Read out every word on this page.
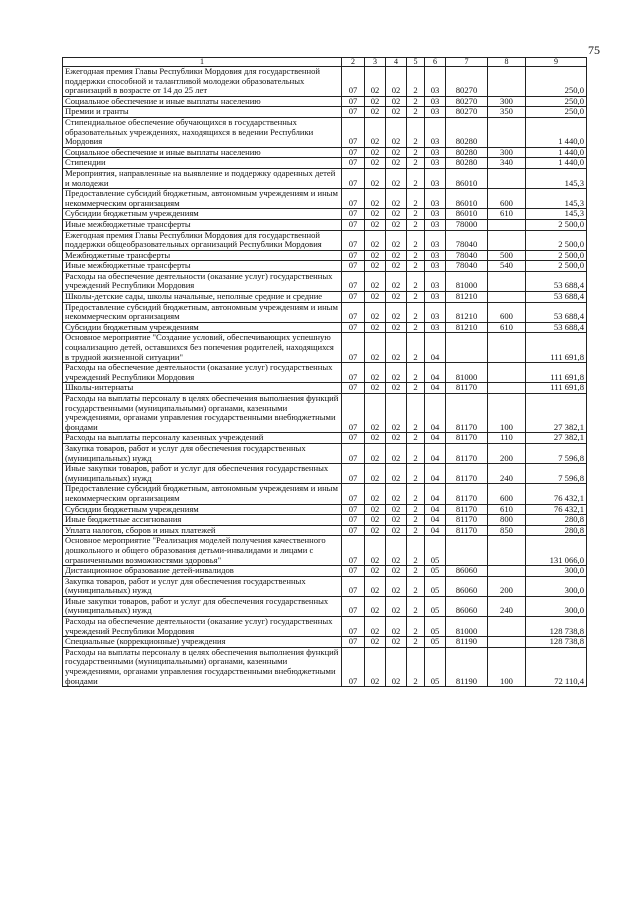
75
1	2	3	4	5	6	7	8	9
Ежегодная премия Главы Республики Мордовия для государственной поддержки способной и талантливой молодежи образовательных организаций в возрасте от 14 до 25 лет	07	02	02	2	03	80270		250,0
Социальное обеспечение и иные выплаты населению	07	02	02	2	03	80270	300	250,0
Премии и гранты	07	02	02	2	03	80270	350	250,0
Стипендиальное обеспечение обучающихся в государственных образовательных учреждениях, находящихся в ведении Республики Мордовия	07	02	02	2	03	80280		1 440,0
Социальное обеспечение и иные выплаты населению	07	02	02	2	03	80280	300	1 440,0
Стипендии	07	02	02	2	03	80280	340	1 440,0
Мероприятия, направленные на выявление и поддержку одаренных детей и молодежи	07	02	02	2	03	86010		145,3
Предоставление субсидий бюджетным, автономным учреждениям и иным некоммерческим организациям	07	02	02	2	03	86010	600	145,3
Субсидии бюджетным учреждениям	07	02	02	2	03	86010	610	145,3
Иные межбюджетные трансферты	07	02	02	2	03	78000		2 500,0
Ежегодная премия Главы Республики Мордовия для государственной поддержки общеобразовательных организаций Республики Мордовия	07	02	02	2	03	78040		2 500,0
Межбюджетные трансферты	07	02	02	2	03	78040	500	2 500,0
Иные межбюджетные трансферты	07	02	02	2	03	78040	540	2 500,0
Расходы на обеспечение деятельности (оказание услуг) государственных учреждений Республики Мордовия	07	02	02	2	03	81000		53 688,4
Школы-детские сады, школы начальные, неполные средние и средние	07	02	02	2	03	81210		53 688,4
Предоставление субсидий бюджетным, автономным учреждениям и иным некоммерческим организациям	07	02	02	2	03	81210	600	53 688,4
Субсидии бюджетным учреждениям	07	02	02	2	03	81210	610	53 688,4
Основное мероприятие "Создание условий, обеспечивающих успешную социализацию детей, оставшихся без попечения родителей, находящихся в трудной жизненной ситуации"	07	02	02	2	04			111 691,8
Расходы на обеспечение деятельности (оказание услуг) государственных учреждений Республики Мордовия	07	02	02	2	04	81000		111 691,8
Школы-интернаты	07	02	02	2	04	81170		111 691,8
Расходы на выплаты персоналу в целях обеспечения выполнения функций государственными (муниципальными) органами, казенными учреждениями, органами управления государственными внебюджетными фондами	07	02	02	2	04	81170	100	27 382,1
Расходы на выплаты персоналу казенных учреждений	07	02	02	2	04	81170	110	27 382,1
Закупка товаров, работ и услуг для обеспечения государственных (муниципальных) нужд	07	02	02	2	04	81170	200	7 596,8
Иные закупки товаров, работ и услуг для обеспечения государственных (муниципальных) нужд	07	02	02	2	04	81170	240	7 596,8
Предоставление субсидий бюджетным, автономным учреждениям и иным некоммерческим организациям	07	02	02	2	04	81170	600	76 432,1
Субсидии бюджетным учреждениям	07	02	02	2	04	81170	610	76 432,1
Иные бюджетные ассигнования	07	02	02	2	04	81170	800	280,8
Уплата налогов, сборов и иных платежей	07	02	02	2	04	81170	850	280,8
Основное мероприятие "Реализация моделей получения качественного дошкольного и общего образования детьми-инвалидами и лицами с ограниченными возможностями здоровья"	07	02	02	2	05			131 066,0
Дистанционное образование детей-инвалидов	07	02	02	2	05	86060		300,0
Закупка товаров, работ и услуг для обеспечения государственных (муниципальных) нужд	07	02	02	2	05	86060	200	300,0
Иные закупки товаров, работ и услуг для обеспечения государственных (муниципальных) нужд	07	02	02	2	05	86060	240	300,0
Расходы на обеспечение деятельности (оказание услуг) государственных учреждений Республики Мордовия	07	02	02	2	05	81000		128 738,8
Специальные (коррекционные) учреждения	07	02	02	2	05	81190		128 738,8
Расходы на выплаты персоналу в целях обеспечения выполнения функций государственными (муниципальными) органами, казенными учреждениями, органами управления государственными внебюджетными фондами	07	02	02	2	05	81190	100	72 110,4
